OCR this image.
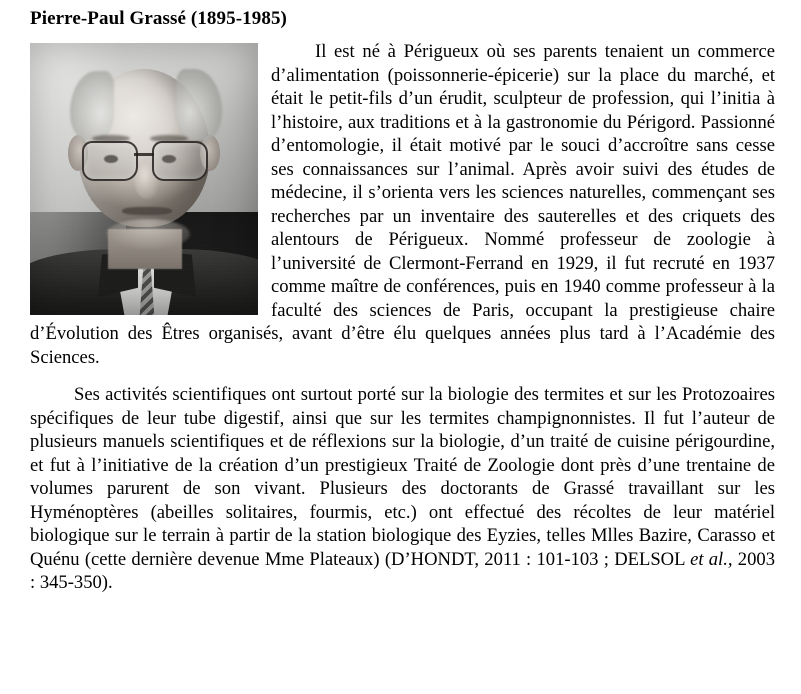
Pierre-Paul Grassé (1895-1985)

Il est né à Périgueux où ses parents tenaient un commerce d’alimentation (poissonnerie-épicerie) sur la place du marché, et était le petit-fils d’un érudit, sculpteur de profession, qui l’initia à l’histoire, aux traditions et à la gastronomie du Périgord. Passionné d’entomologie, il était motivé par le souci d’accroître sans cesse ses connaissances sur l’animal. Après avoir suivi des études de médecine, il s’orienta vers les sciences naturelles, commençant ses recherches par un inventaire des sauterelles et des criquets des alentours de Périgueux. Nommé professeur de zoologie à l’université de Clermont-Ferrand en 1929, il fut recruté en 1937 comme maître de conférences, puis en 1940 comme professeur à la faculté des sciences de Paris, occupant la prestigieuse chaire d’Évolution des Êtres organisés, avant d’être élu quelques années plus tard à l’Académie des Sciences.

Ses activités scientifiques ont surtout porté sur la biologie des termites et sur les Protozoaires spécifiques de leur tube digestif, ainsi que sur les termites champignonnistes. Il fut l’auteur de plusieurs manuels scientifiques et de réflexions sur la biologie, d’un traité de cuisine périgourdine, et fut à l’initiative de la création d’un prestigieux Traité de Zoologie dont près d’une trentaine de volumes parurent de son vivant. Plusieurs des doctorants de Grassé travaillant sur les Hyménoptères (abeilles solitaires, fourmis, etc.) ont effectué des récoltes de leur matériel biologique sur le terrain à partir de la station biologique des Eyzies, telles Mlles Bazire, Carasso et Quénu (cette dernière devenue Mme Plateaux) (D’HONDT, 2011 : 101-103 ; DELSOL et al., 2003 : 345-350).
